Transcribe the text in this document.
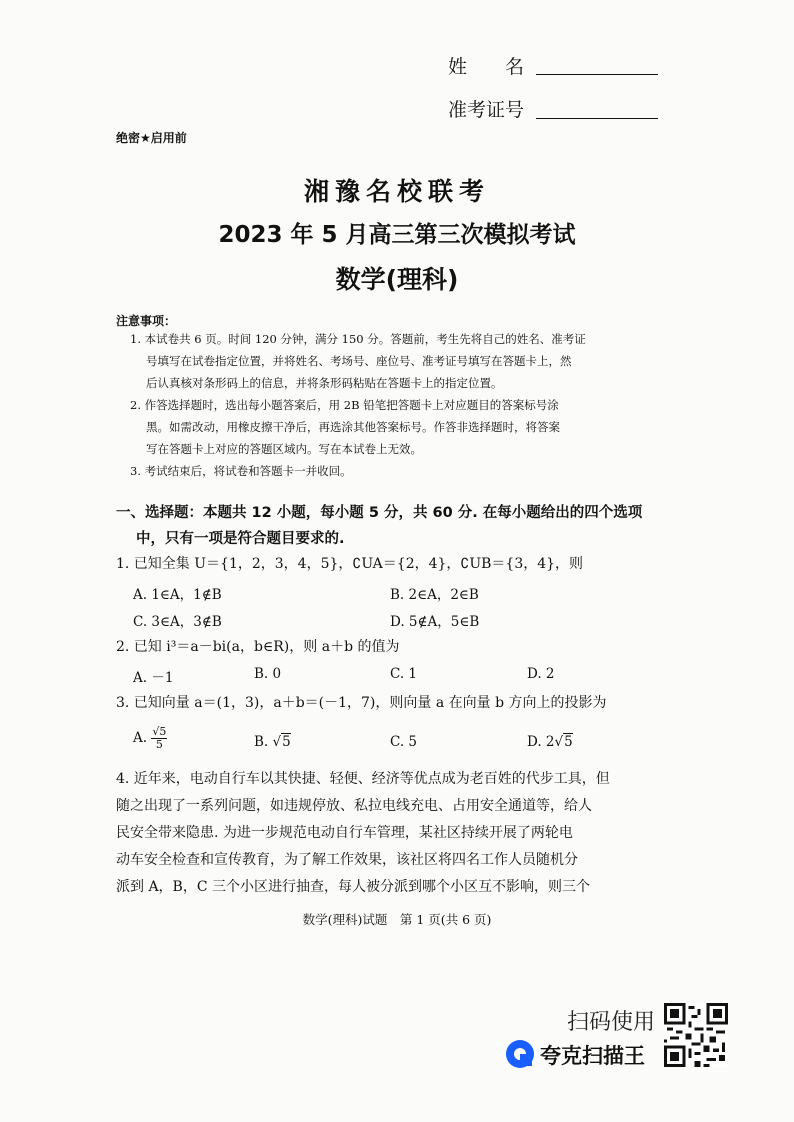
姓　　名
准考证号
绝密★启用前
湘豫名校联考
2023 年 5 月高三第三次模拟考试
数学(理科)
注意事项：
1. 本试卷共 6 页。时间 120 分钟，满分 150 分。答题前，考生先将自己的姓名、准考证
号填写在试卷指定位置，并将姓名、考场号、座位号、准考证号填写在答题卡上，然
后认真核对条形码上的信息，并将条形码粘贴在答题卡上的指定位置。
2. 作答选择题时，选出每小题答案后，用 2B 铅笔把答题卡上对应题目的答案标号涂
黑。如需改动，用橡皮擦干净后，再选涂其他答案标号。作答非选择题时，将答案
写在答题卡上对应的答题区域内。写在本试卷上无效。
3. 考试结束后，将试卷和答题卡一并收回。
一、选择题：本题共 12 小题，每小题 5 分，共 60 分. 在每小题给出的四个选项
中，只有一项是符合题目要求的.
1. 已知全集 U＝{1，2，3，4，5}，∁UA＝{2，4}，∁UB＝{3，4}，则
A. 1∈A，1∉B	B. 2∈A，2∈B
C. 3∈A，3∉B	D. 5∉A，5∈B
2. 已知 i³＝a－bi(a，b∈R)，则 a＋b 的值为
A. －1	B. 0	C. 1	D. 2
3. 已知向量 a＝(1，3)，a＋b＝(－1，7)，则向量 a 在向量 b 方向上的投影为
A. $\frac{√5}{5}$	B. √5	C. 5	D. 2√5
4. 近年来，电动自行车以其快捷、轻便、经济等优点成为老百姓的代步工具，但
随之出现了一系列问题，如违规停放、私拉电线充电、占用安全通道等，给人
民安全带来隐患. 为进一步规范电动自行车管理，某社区持续开展了两轮电
动车安全检查和宣传教育，为了解工作效果，该社区将四名工作人员随机分
派到 A，B，C 三个小区进行抽查，每人被分派到哪个小区互不影响，则三个
数学(理科)试题　第 1 页(共 6 页)
扫码使用
夸克扫描王
